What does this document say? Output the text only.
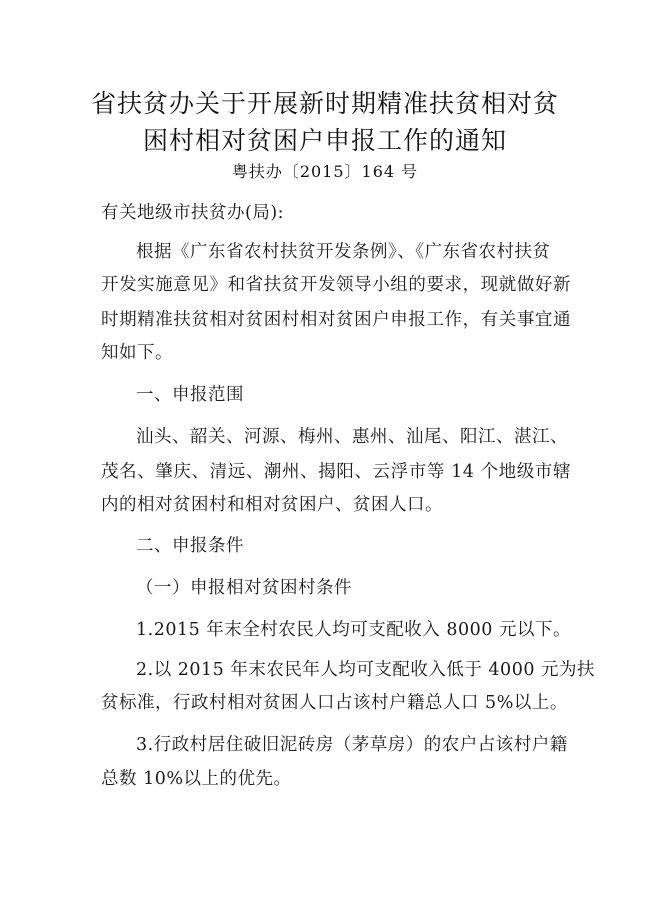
省扶贫办关于开展新时期精准扶贫相对贫
困村相对贫困户申报工作的通知
粤扶办〔2015〕164 号
有关地级市扶贫办(局):
根据《广东省农村扶贫开发条例》、《广东省农村扶贫
开发实施意见》和省扶贫开发领导小组的要求，现就做好新
时期精准扶贫相对贫困村相对贫困户申报工作，有关事宜通
知如下。
一、申报范围
汕头、韶关、河源、梅州、惠州、汕尾、阳江、湛江、
茂名、肇庆、清远、潮州、揭阳、云浮市等 14 个地级市辖
内的相对贫困村和相对贫困户、贫困人口。
二、申报条件
（一）申报相对贫困村条件
1.2015 年末全村农民人均可支配收入 8000 元以下。
2.以 2015 年末农民年人均可支配收入低于 4000 元为扶
贫标准，行政村相对贫困人口占该村户籍总人口 5%以上。
3.行政村居住破旧泥砖房（茅草房）的农户占该村户籍
总数 10%以上的优先。
